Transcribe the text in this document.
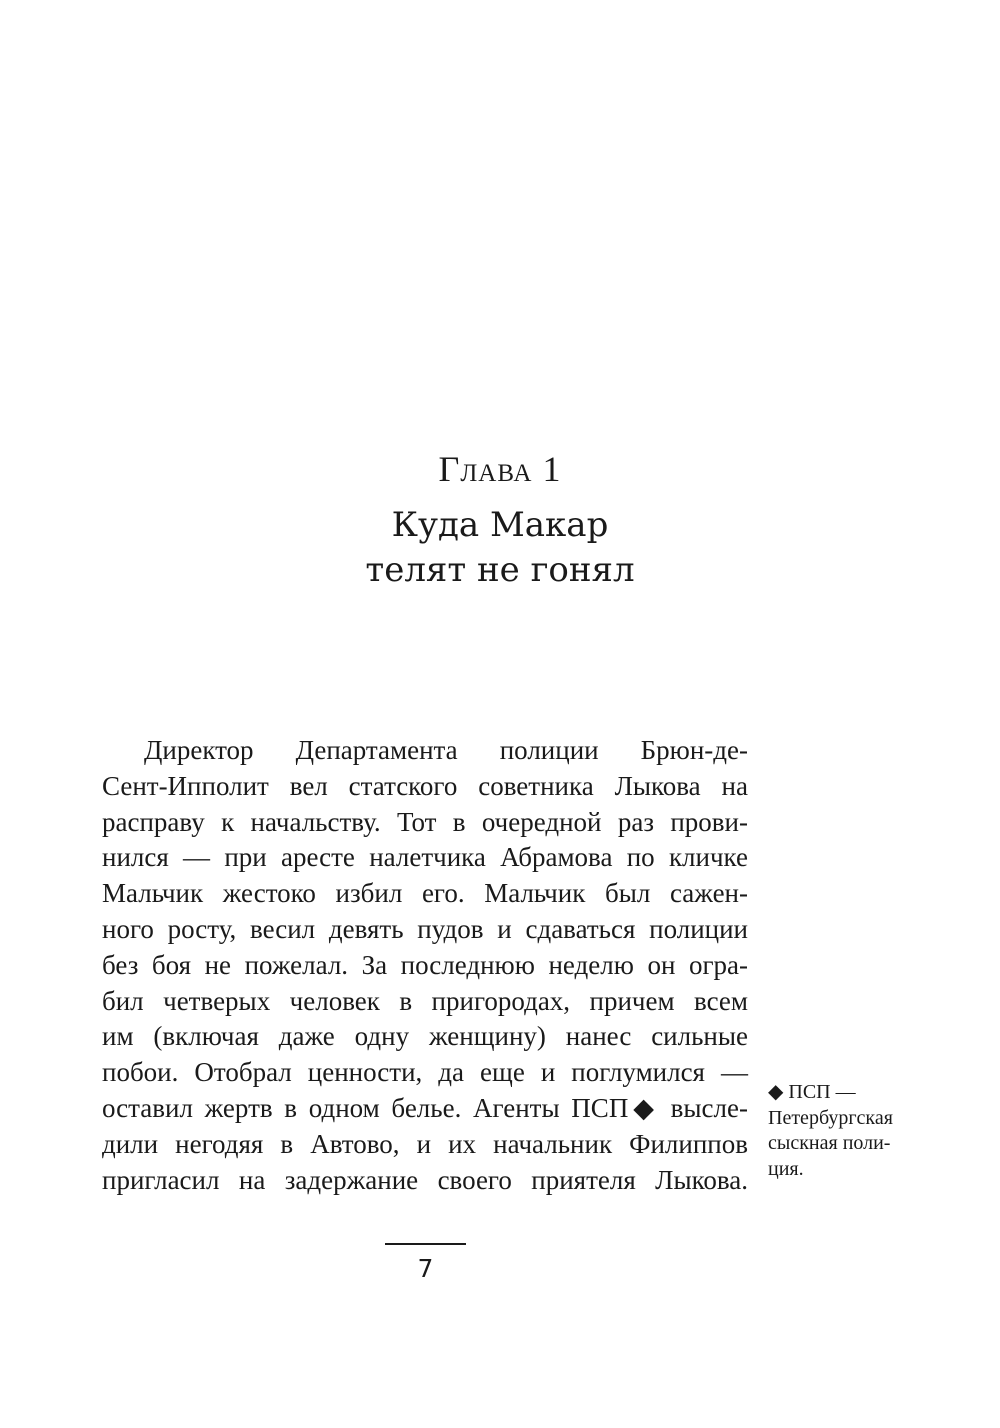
Глава 1
Куда Макар
телят не гонял
Директор Департамента полиции Брюн-де-
Сент-Ипполит вел статского советника Лыкова на
расправу к начальству. Тот в очередной раз прови-
нился — при аресте налетчика Абрамова по кличке
Мальчик жестоко избил его. Мальчик был сажен-
ного росту, весил девять пудов и сдаваться полиции
без боя не пожелал. За последнюю неделю он огра-
бил четверых человек в пригородах, причем всем
им (включая даже одну женщину) нанес сильные
побои. Отобрал ценности, да еще и поглумился —
оставил жертв в одном белье. Агенты ПСП◆ высле-
дили негодяя в Автово, и их начальник Филиппов
пригласил на задержание своего приятеля Лыкова.
◆ ПСП —
Петербургская
сыскная поли-
ция.
7
